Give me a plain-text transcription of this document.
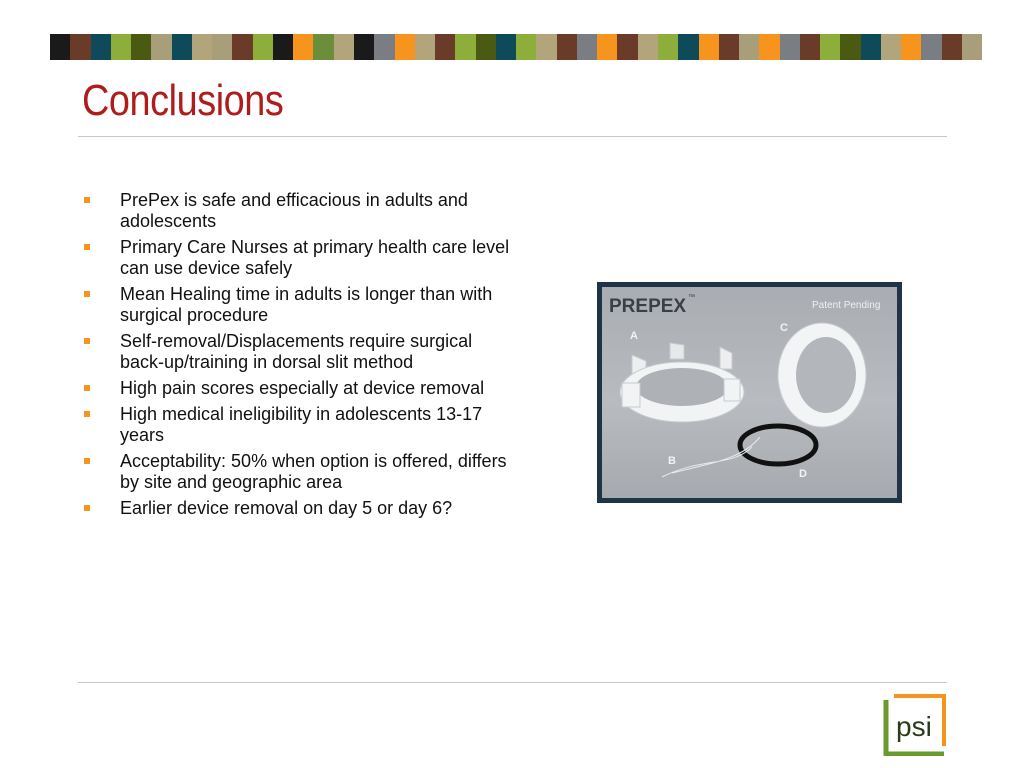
Conclusions
PrePex is safe and efficacious in adults and adolescents
Primary Care Nurses at primary health care level can use device safely
Mean Healing time in adults is longer than with surgical procedure
Self-removal/Displacements require surgical back-up/training in dorsal slit method
High pain scores especially at device removal
High medical ineligibility in adolescents 13-17 years
Acceptability: 50% when option is offered, differs by site and geographic area
Earlier device removal on day 5 or day 6?
PREPEX ™
Patent Pending
A
C
B
D
psi
